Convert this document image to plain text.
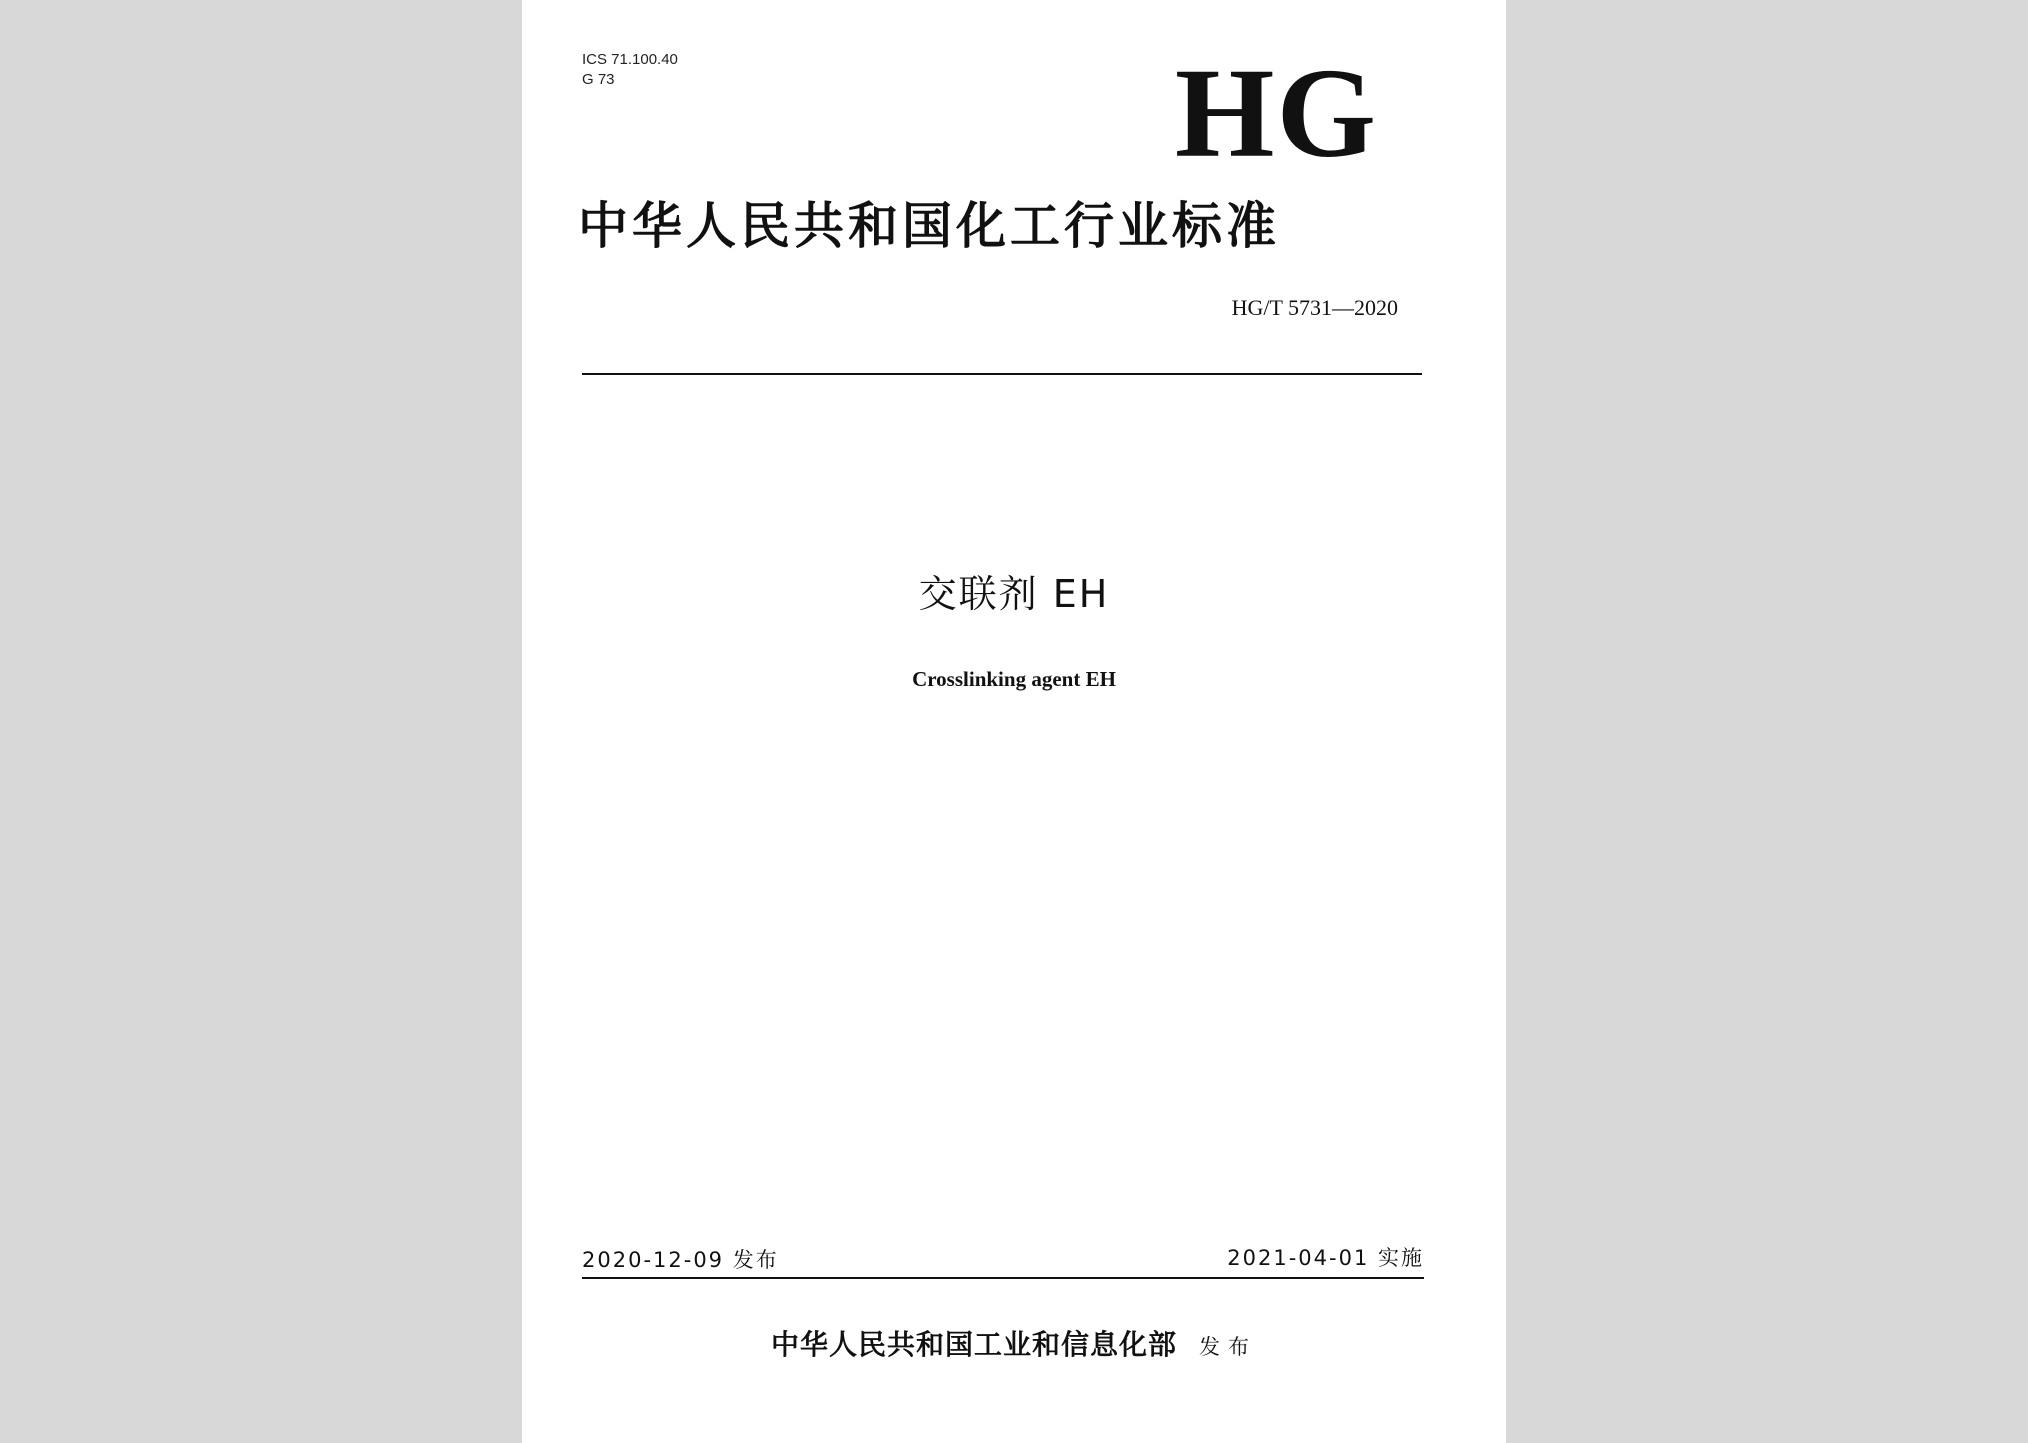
ICS 71.100.40
G 73	HG
中华人民共和国化工行业标准
HG/T 5731—2020
交联剂 EH
Crosslinking agent EH
2020-12-09 发布	2021-04-01 实施
中华人民共和国工业和信息化部 发布
